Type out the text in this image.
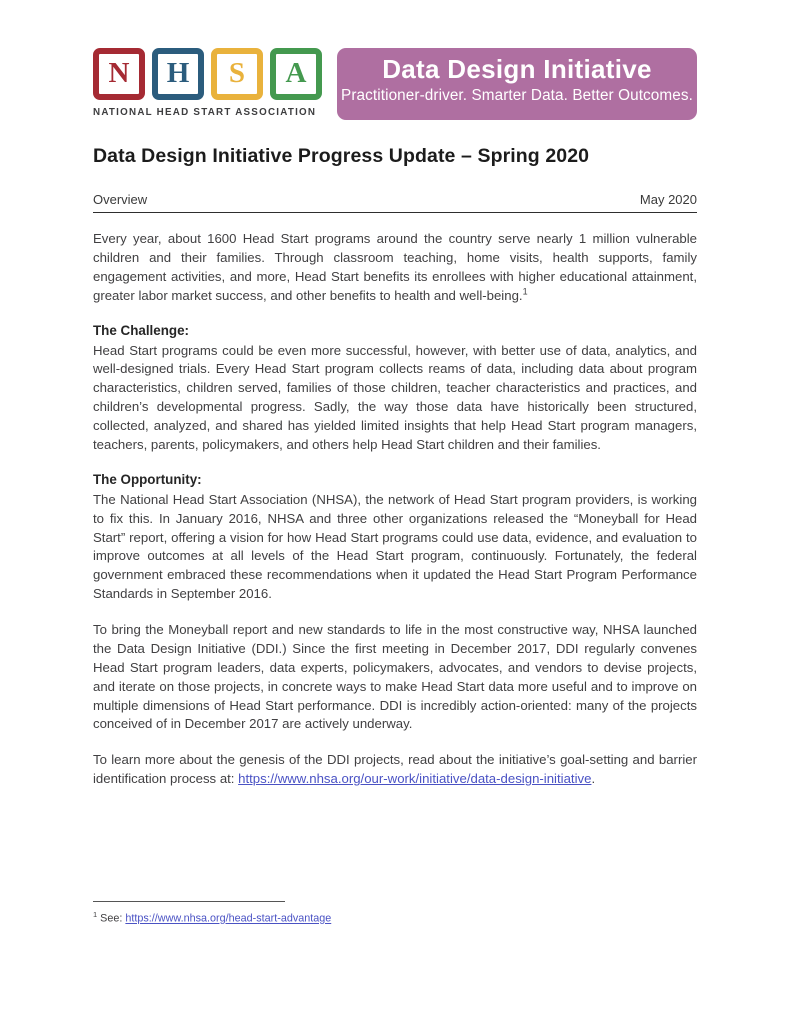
N H S A
NATIONAL HEAD START ASSOCIATION
Data Design Initiative
Practitioner-driver. Smarter Data. Better Outcomes.
Data Design Initiative Progress Update – Spring 2020
Overview	May 2020

Every year, about 1600 Head Start programs around the country serve nearly 1 million vulnerable children and their families. Through classroom teaching, home visits, health supports, family engagement activities, and more, Head Start benefits its enrollees with higher educational attainment, greater labor market success, and other benefits to health and well-being.$^1$

The Challenge:

Head Start programs could be even more successful, however, with better use of data, analytics, and well-designed trials. Every Head Start program collects reams of data, including data about program characteristics, children served, families of those children, teacher characteristics and practices, and children’s developmental progress. Sadly, the way those data have historically been structured, collected, analyzed, and shared has yielded limited insights that help Head Start program managers, teachers, parents, policymakers, and others help Head Start children and their families.

The Opportunity:

The National Head Start Association (NHSA), the network of Head Start program providers, is working to fix this. In January 2016, NHSA and three other organizations released the “Moneyball for Head Start” report, offering a vision for how Head Start programs could use data, evidence, and evaluation to improve outcomes at all levels of the Head Start program, continuously. Fortunately, the federal government embraced these recommendations when it updated the Head Start Program Performance Standards in September 2016.

To bring the Moneyball report and new standards to life in the most constructive way, NHSA launched the Data Design Initiative (DDI.) Since the first meeting in December 2017, DDI regularly convenes Head Start program leaders, data experts, policymakers, advocates, and vendors to devise projects, and iterate on those projects, in concrete ways to make Head Start data more useful and to improve on multiple dimensions of Head Start performance. DDI is incredibly action-oriented: many of the projects conceived of in December 2017 are actively underway.

To learn more about the genesis of the DDI projects, read about the initiative’s goal-setting and barrier identification process at: https://www.nhsa.org/our-work/initiative/data-design-initiative.

$^1$ See: https://www.nhsa.org/head-start-advantage
